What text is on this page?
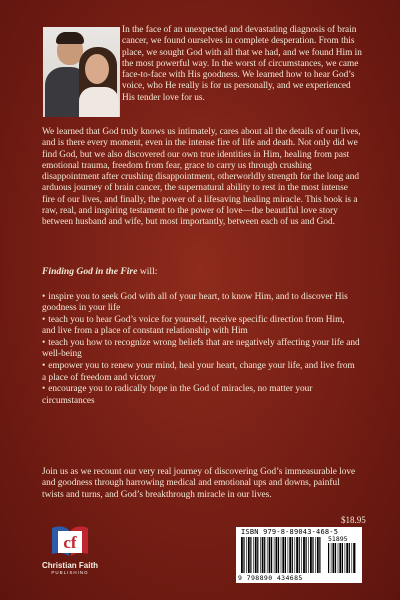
In the face of an unexpected and devastating diagnosis of brain cancer, we found ourselves in complete desperation. From this place, we sought God with all that we had, and we found Him in the most powerful way. In the worst of circumstances, we came face-to-face with His goodness. We learned how to hear God’s voice, who He really is for us personally, and we experienced His tender love for us.

We learned that God truly knows us intimately, cares about all the details of our lives, and is there every moment, even in the intense fire of life and death. Not only did we find God, but we also discovered our own true identities in Him, healing from past emotional trauma, freedom from fear, grace to carry us through crushing disappointment after crushing disappointment, otherworldly strength for the long and arduous journey of brain cancer, the supernatural ability to rest in the most intense fire of our lives, and finally, the power of a lifesaving healing miracle. This book is a raw, real, and inspiring testament to the power of love—the beautiful love story between husband and wife, but most importantly, between each of us and God.

Finding God in the Fire will:
• inspire you to seek God with all of your heart, to know Him, and to discover His goodness in your life
• teach you to hear God’s voice for yourself, receive specific direction from Him, and live from a place of constant relationship with Him
• teach you how to recognize wrong beliefs that are negatively affecting your life and well-being
• empower you to renew your mind, heal your heart, change your life, and live from a place of freedom and victory
• encourage you to radically hope in the God of miracles, no matter your circumstances

Join us as we recount our very real journey of discovering God’s immeasurable love and goodness through harrowing medical and emotional ups and downs, painful twists and turns, and God’s breakthrough miracle in our lives.

$18.95
cf
Christian Faith
PUBLISHING
ISBN 979-8-89043-468-5
9 798890 434685
51895
